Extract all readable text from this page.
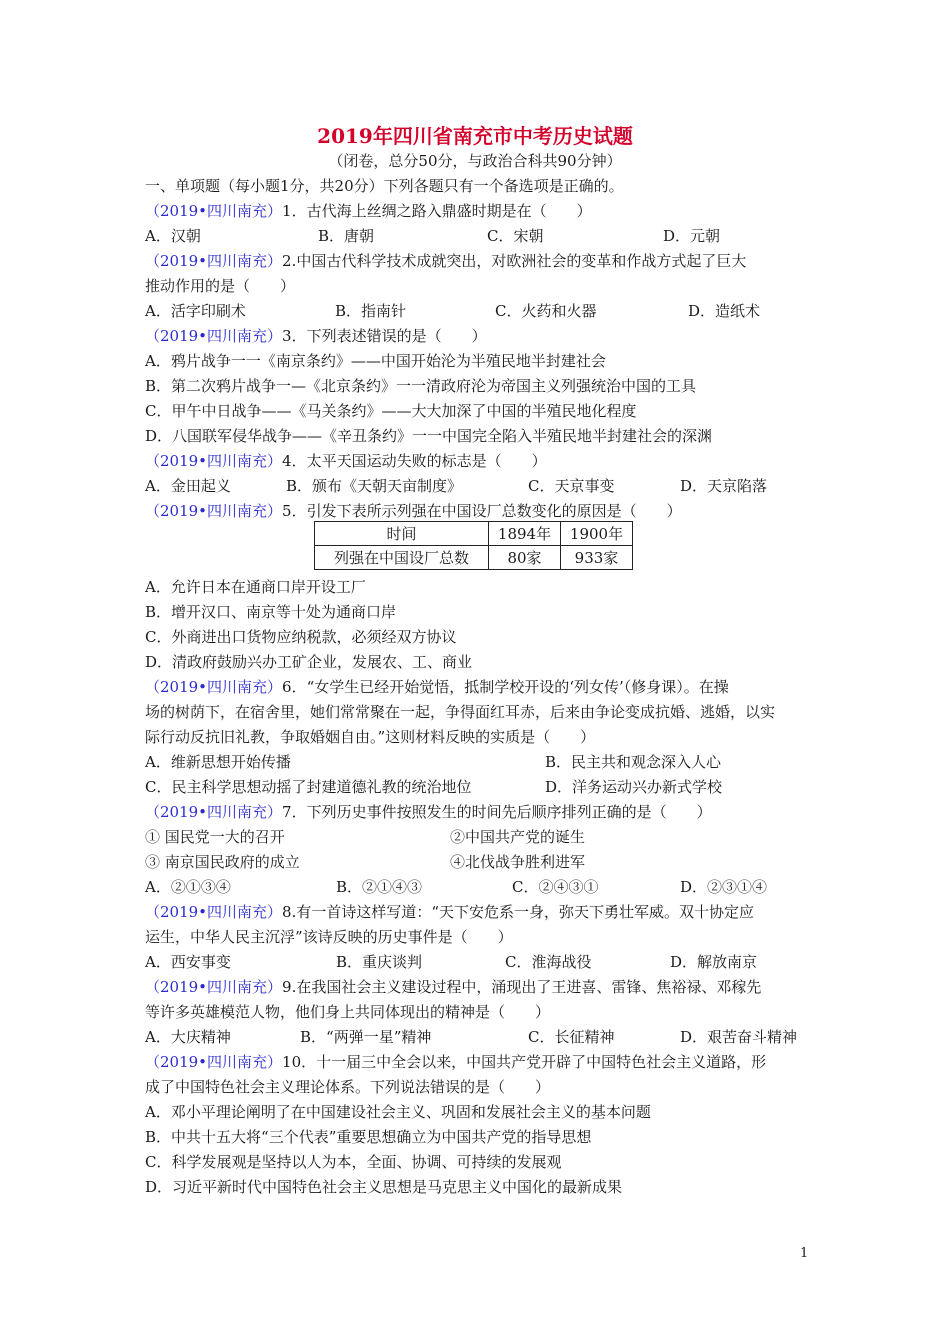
2019年四川省南充市中考历史试题
（闭卷，总分50分，与政治合科共90分钟）
一、单项题（每小题1分，共20分）下列各题只有一个备选项是正确的。
（2019•四川南充）1．古代海上丝绸之路入鼎盛时期是在（　　）
A．汉朝	B．唐朝	C．宋朝	D．元朝
（2019•四川南充）2.中国古代科学技术成就突出，对欧洲社会的变革和作战方式起了巨大
推动作用的是（　　）
A．活字印刷术	B．指南针	C．火药和火器	D．造纸术
（2019•四川南充）3．下列表述错误的是（　　）
A．鸦片战争一一《南京条约》——中国开始沦为半殖民地半封建社会
B．第二次鸦片战争一—《北京条约》一一清政府沦为帝国主义列强统治中国的工具
C．甲午中日战争——《马关条约》——大大加深了中国的半殖民地化程度
D．八国联军侵华战争——《辛丑条约》一一中国完全陷入半殖民地半封建社会的深渊
（2019•四川南充）4．太平天国运动失败的标志是（　　）
A．金田起义	B．颁布《天朝天亩制度》	C．天京事变	D．天京陷落
（2019•四川南充）5．引发下表所示列强在中国设厂总数变化的原因是（　　）
时间	1894年	1900年
列强在中国设厂总数	80家	933家
A．允许日本在通商口岸开设工厂
B．增开汉口、南京等十处为通商口岸
C．外商进出口货物应纳税款，必须经双方协议
D．清政府鼓励兴办工矿企业，发展农、工、商业
（2019•四川南充）6．“女学生已经开始觉悟，抵制学校开设的‘列女传’（修身课）。在操
场的树荫下，在宿舍里，她们常常聚在一起，争得面红耳赤，后来由争论变成抗婚、逃婚，以实
际行动反抗旧礼教，争取婚姻自由。”这则材料反映的实质是（　　）
A．维新思想开始传播	B．民主共和观念深入人心
C．民主科学思想动摇了封建道德礼教的统治地位	D．洋务运动兴办新式学校
（2019•四川南充）7．下列历史事件按照发生的时间先后顺序排列正确的是（　　）
① 国民党一大的召开	②中国共产党的诞生
③ 南京国民政府的成立	④北伐战争胜利进军
A．②①③④	B．②①④③	C．②④③①	D．②③①④
（2019•四川南充）8.有一首诗这样写道：“天下安危系一身，弥天下勇壮军威。双十协定应
运生，中华人民主沉浮”该诗反映的历史事件是（　　）
A．西安事变	B．重庆谈判	C．淮海战役	D．解放南京
（2019•四川南充）9.在我国社会主义建设过程中，涌现出了王进喜、雷锋、焦裕禄、邓稼先
等许多英雄模范人物，他们身上共同体现出的精神是（　　）
A．大庆精神	B．“两弹一星”精神	C．长征精神	D．艰苦奋斗精神
（2019•四川南充）10．十一届三中全会以来，中国共产党开辟了中国特色社会主义道路，形
成了中国特色社会主义理论体系。下列说法错误的是（　　）
A．邓小平理论阐明了在中国建设社会主义、巩固和发展社会主义的基本问题
B．中共十五大将“三个代表”重要思想确立为中国共产党的指导思想
C．科学发展观是坚持以人为本，全面、协调、可持续的发展观
D．习近平新时代中国特色社会主义思想是马克思主义中国化的最新成果
1
